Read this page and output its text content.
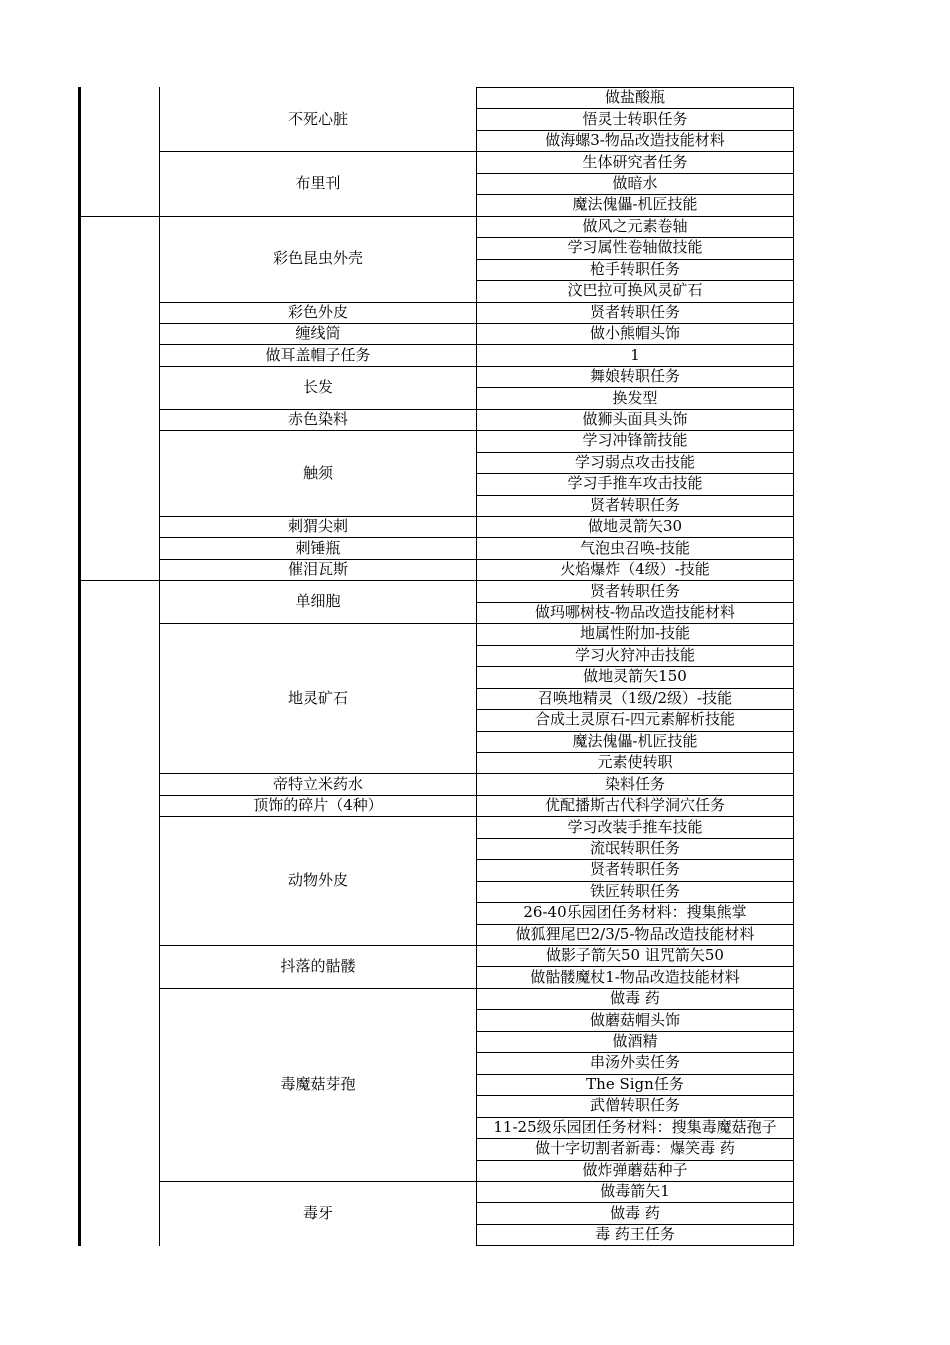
做盐酸瓶
悟灵士转职任务
做海螺3-物品改造技能材料
不死心脏
生体研究者任务
做暗水
魔法傀儡-机匠技能
布里刊
做风之元素卷轴
学习属性卷轴做技能
枪手转职任务
汶巴拉可换风灵矿石
彩色昆虫外壳
贤者转职任务
彩色外皮
做小熊帽头饰
缠线筒
1
做耳盖帽子任务
舞娘转职任务
换发型
长发
做狮头面具头饰
赤色染料
学习冲锋箭技能
学习弱点攻击技能
学习手推车攻击技能
贤者转职任务
触须
做地灵箭矢30
刺猬尖刺
气泡虫召唤-技能
刺锤瓶
火焰爆炸（4级）-技能
催泪瓦斯
贤者转职任务
做玛哪树枝-物品改造技能材料
单细胞
地属性附加-技能
学习火狩冲击技能
做地灵箭矢150
召唤地精灵（1级/2级）-技能
合成土灵原石-四元素解析技能
魔法傀儡-机匠技能
元素使转职
地灵矿石
染料任务
帝特立米药水
优配播斯古代科学洞穴任务
顶饰的碎片（4种）
学习改装手推车技能
流氓转职任务
贤者转职任务
铁匠转职任务
26-40乐园团任务材料：搜集熊掌
做狐狸尾巴2/3/5-物品改造技能材料
动物外皮
做影子箭矢50 诅咒箭矢50
做骷髅魔杖1-物品改造技能材料
抖落的骷髅
做毒 药
做蘑菇帽头饰
做酒精
串汤外卖任务
The Sign任务
武僧转职任务
11-25级乐园团任务材料：搜集毒魔菇孢子
做十字切割者新毒：爆笑毒 药
做炸弹蘑菇种子
毒魔菇芽孢
做毒箭矢1
做毒 药
毒 药王任务
毒牙
